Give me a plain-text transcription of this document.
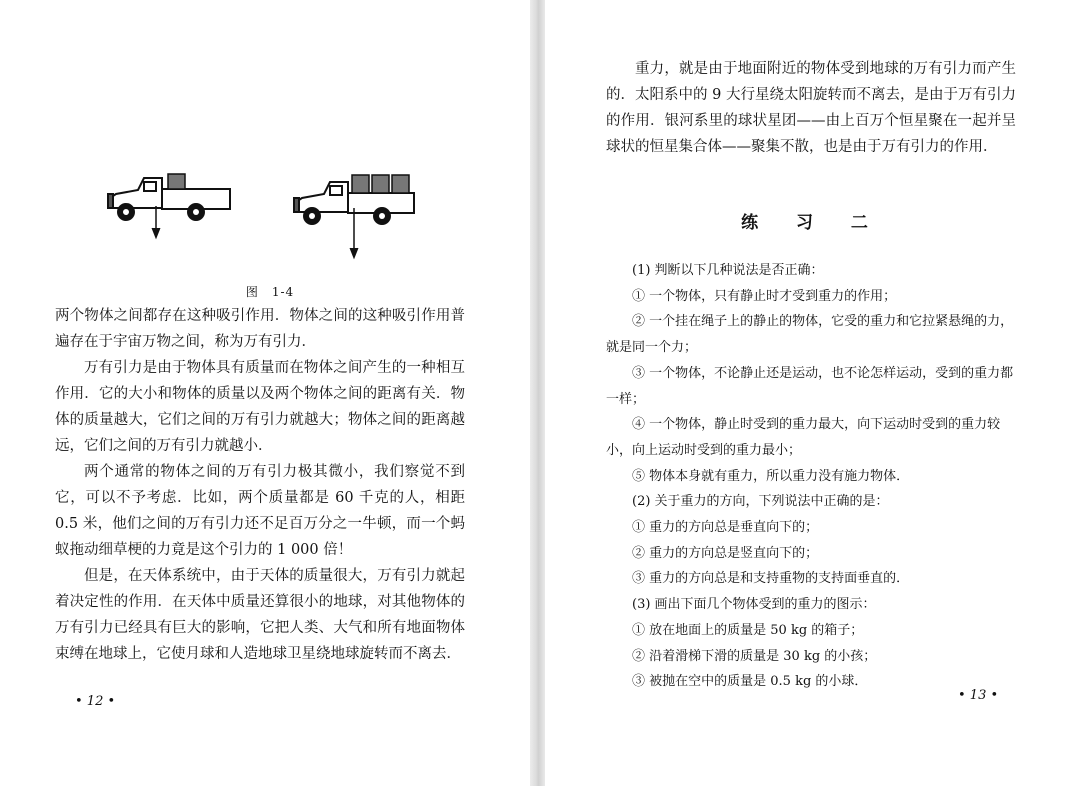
图　1-4

两个物体之间都存在这种吸引作用．物体之间的这种吸引作用普遍存在于宇宙万物之间，称为万有引力．

万有引力是由于物体具有质量而在物体之间产生的一种相互作用．它的大小和物体的质量以及两个物体之间的距离有关．物体的质量越大，它们之间的万有引力就越大；物体之间的距离越远，它们之间的万有引力就越小．

两个通常的物体之间的万有引力极其微小，我们察觉不到它，可以不予考虑．比如，两个质量都是 60 千克的人，相距 0.5 米，他们之间的万有引力还不足百万分之一牛顿，而一个蚂蚁拖动细草梗的力竟是这个引力的 1 000 倍！

但是，在天体系统中，由于天体的质量很大，万有引力就起着决定性的作用．在天体中质量还算很小的地球，对其他物体的万有引力已经具有巨大的影响，它把人类、大气和所有地面物体束缚在地球上，它使月球和人造地球卫星绕地球旋转而不离去．

• 12 •

重力，就是由于地面附近的物体受到地球的万有引力而产生的．太阳系中的 9 大行星绕太阳旋转而不离去，是由于万有引力的作用．银河系里的球状星团——由上百万个恒星聚在一起并呈球状的恒星集合体——聚集不散，也是由于万有引力的作用．

练 习 二

(1) 判断以下几种说法是否正确：

① 一个物体，只有静止时才受到重力的作用；

② 一个挂在绳子上的静止的物体，它受的重力和它拉紧悬绳的力，就是同一个力；

③ 一个物体，不论静止还是运动，也不论怎样运动，受到的重力都一样；

④ 一个物体，静止时受到的重力最大，向下运动时受到的重力较小，向上运动时受到的重力最小；

⑤ 物体本身就有重力，所以重力没有施力物体．

(2) 关于重力的方向，下列说法中正确的是：

① 重力的方向总是垂直向下的；

② 重力的方向总是竖直向下的；

③ 重力的方向总是和支持重物的支持面垂直的．

(3) 画出下面几个物体受到的重力的图示：

① 放在地面上的质量是 50 kg 的箱子；

② 沿着滑梯下滑的质量是 30 kg 的小孩；

③ 被抛在空中的质量是 0.5 kg 的小球．

• 13 •
